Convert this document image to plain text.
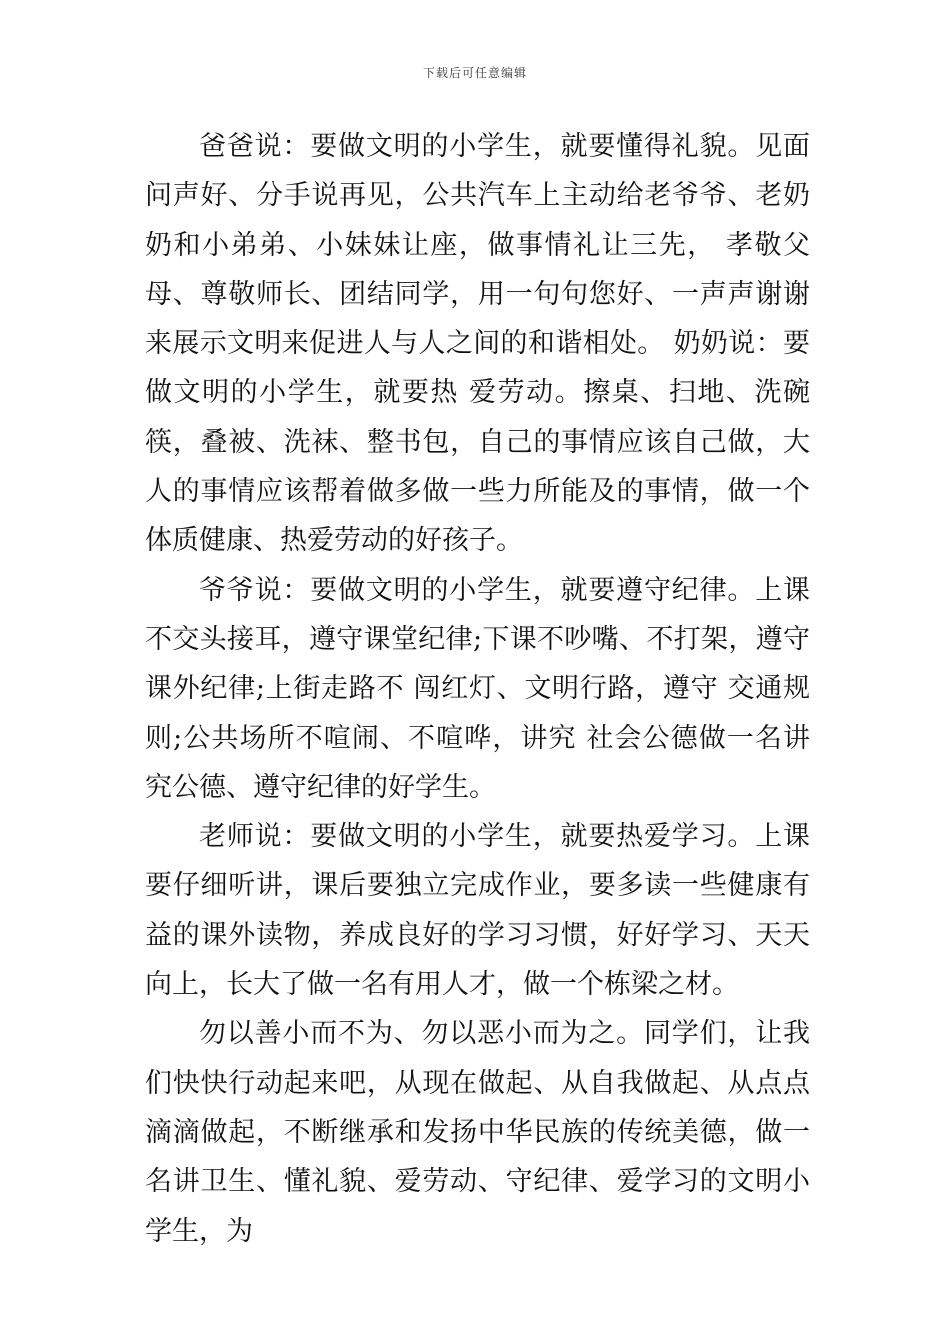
下载后可任意编辑

爸爸说：要做文明的小学生，就要懂得礼貌。见面问声好、分手说再见，公共汽车上主动给老爷爷、老奶奶和小弟弟、小妹妹让座，做事情礼让三先， 孝敬父母、尊敬师长、团结同学，用一句句您好、一声声谢谢来展示文明来促进人与人之间的和谐相处。 奶奶说：要做文明的小学生，就要热 爱劳动。擦桌、扫地、洗碗筷，叠被、洗袜、整书包，自己的事情应该自己做，大人的事情应该帮着做多做一些力所能及的事情，做一个体质健康、热爱劳动的好孩子。

爷爷说：要做文明的小学生，就要遵守纪律。上课不交头接耳，遵守课堂纪律;下课不吵嘴、不打架，遵守课外纪律;上街走路不 闯红灯、文明行路，遵守 交通规则;公共场所不喧闹、不喧哗，讲究 社会公德做一名讲究公德、遵守纪律的好学生。

老师说：要做文明的小学生，就要热爱学习。上课要仔细听讲，课后要独立完成作业，要多读一些健康有益的课外读物，养成良好的学习习惯，好好学习、天天向上，长大了做一名有用人才，做一个栋梁之材。

勿以善小而不为、勿以恶小而为之。同学们，让我们快快行动起来吧，从现在做起、从自我做起、从点点滴滴做起，不断继承和发扬中华民族的传统美德，做一名讲卫生、懂礼貌、爱劳动、守纪律、爱学习的文明小学生，为
